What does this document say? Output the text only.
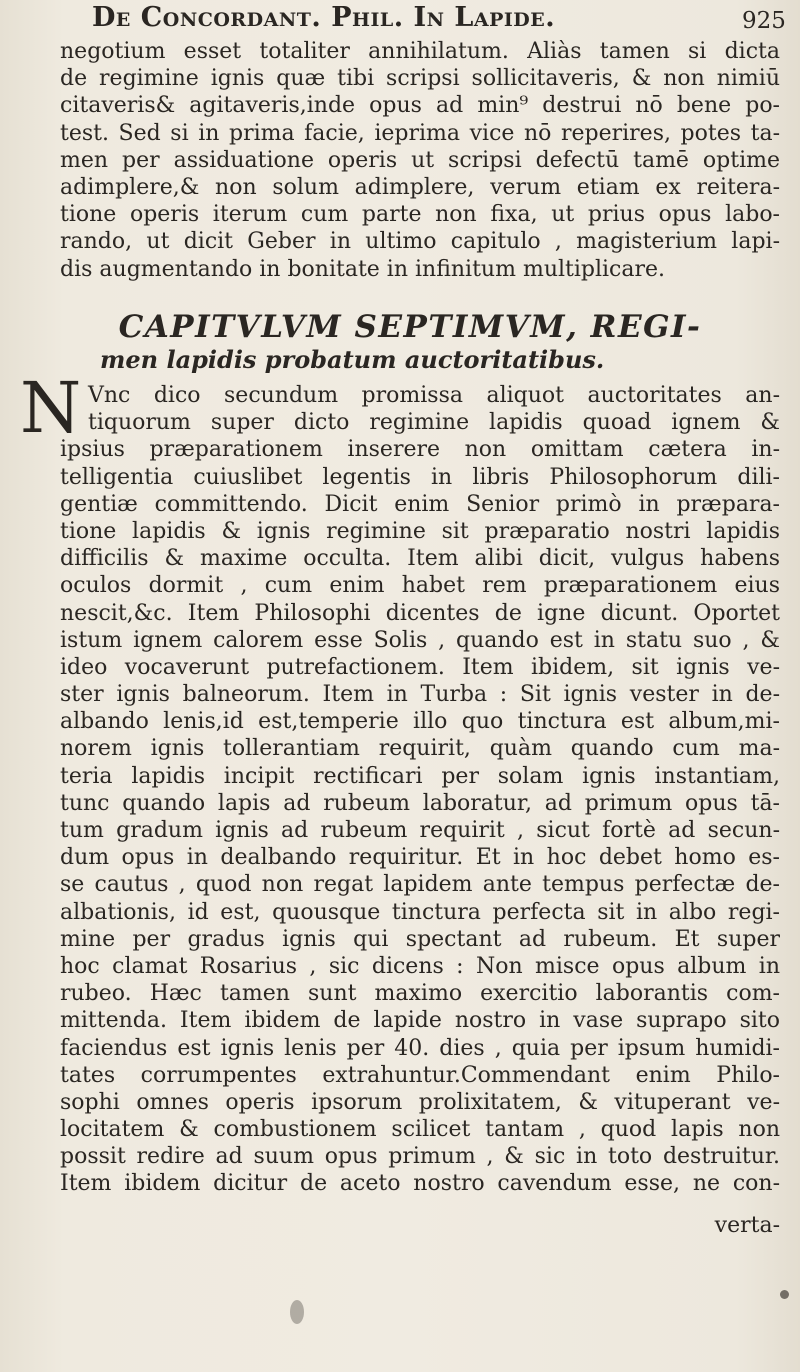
De Concordant. Phil. In Lapide.	925
negotium esset totaliter annihilatum. Aliàs tamen si dicta
de regimine ignis quæ tibi scripsi sollicitaveris, & non nimiū
citaveris& agitaveris,inde opus ad min⁹ destrui nō bene po-
test. Sed si in prima facie, ieprima vice nō reperires, potes ta-
men per assiduatione operis ut scripsi defectū tamē optime
adimplere,& non solum adimplere, verum etiam ex reitera-
tione operis iterum cum parte non fixa, ut prius opus labo-
rando, ut dicit Geber in ultimo capitulo , magisterium lapi-
dis augmentando in bonitate in infinitum multiplicare.
CAPITVLVM SEPTIMVM, REGI-
men lapidis probatum auctoritatibus.
N Vnc dico secundum promissa aliquot auctoritates an-
tiquorum super dicto regimine lapidis quoad ignem &
ipsius præparationem inserere non omittam cætera in-
telligentia cuiuslibet legentis in libris Philosophorum dili-
gentiæ committendo. Dicit enim Senior primò in præpara-
tione lapidis & ignis regimine sit præparatio nostri lapidis
difficilis & maxime occulta. Item alibi dicit, vulgus habens
oculos dormit , cum enim habet rem præparationem eius
nescit,&c. Item Philosophi dicentes de igne dicunt. Oportet
istum ignem calorem esse Solis , quando est in statu suo , &
ideo vocaverunt putrefactionem. Item ibidem, sit ignis ve-
ster ignis balneorum. Item in Turba : Sit ignis vester in de-
albando lenis,id est,temperie illo quo tinctura est album,mi-
norem ignis tollerantiam requirit, quàm quando cum ma-
teria lapidis incipit rectificari per solam ignis instantiam,
tunc quando lapis ad rubeum laboratur, ad primum opus tā-
tum gradum ignis ad rubeum requirit , sicut fortè ad secun-
dum opus in dealbando requiritur. Et in hoc debet homo es-
se cautus , quod non regat lapidem ante tempus perfectæ de-
albationis, id est, quousque tinctura perfecta sit in albo regi-
mine per gradus ignis qui spectant ad rubeum. Et super
hoc clamat Rosarius , sic dicens : Non misce opus album in
rubeo. Hæc tamen sunt maximo exercitio laborantis com-
mittenda. Item ibidem de lapide nostro in vase suprapo sito
faciendus est ignis lenis per 40. dies , quia per ipsum humidi-
tates corrumpentes extrahuntur.Commendant enim Philo-
sophi omnes operis ipsorum prolixitatem, & vituperant ve-
locitatem & combustionem scilicet tantam , quod lapis non
possit redire ad suum opus primum , & sic in toto destruitur.
Item ibidem dicitur de aceto nostro cavendum esse, ne con-
verta-
